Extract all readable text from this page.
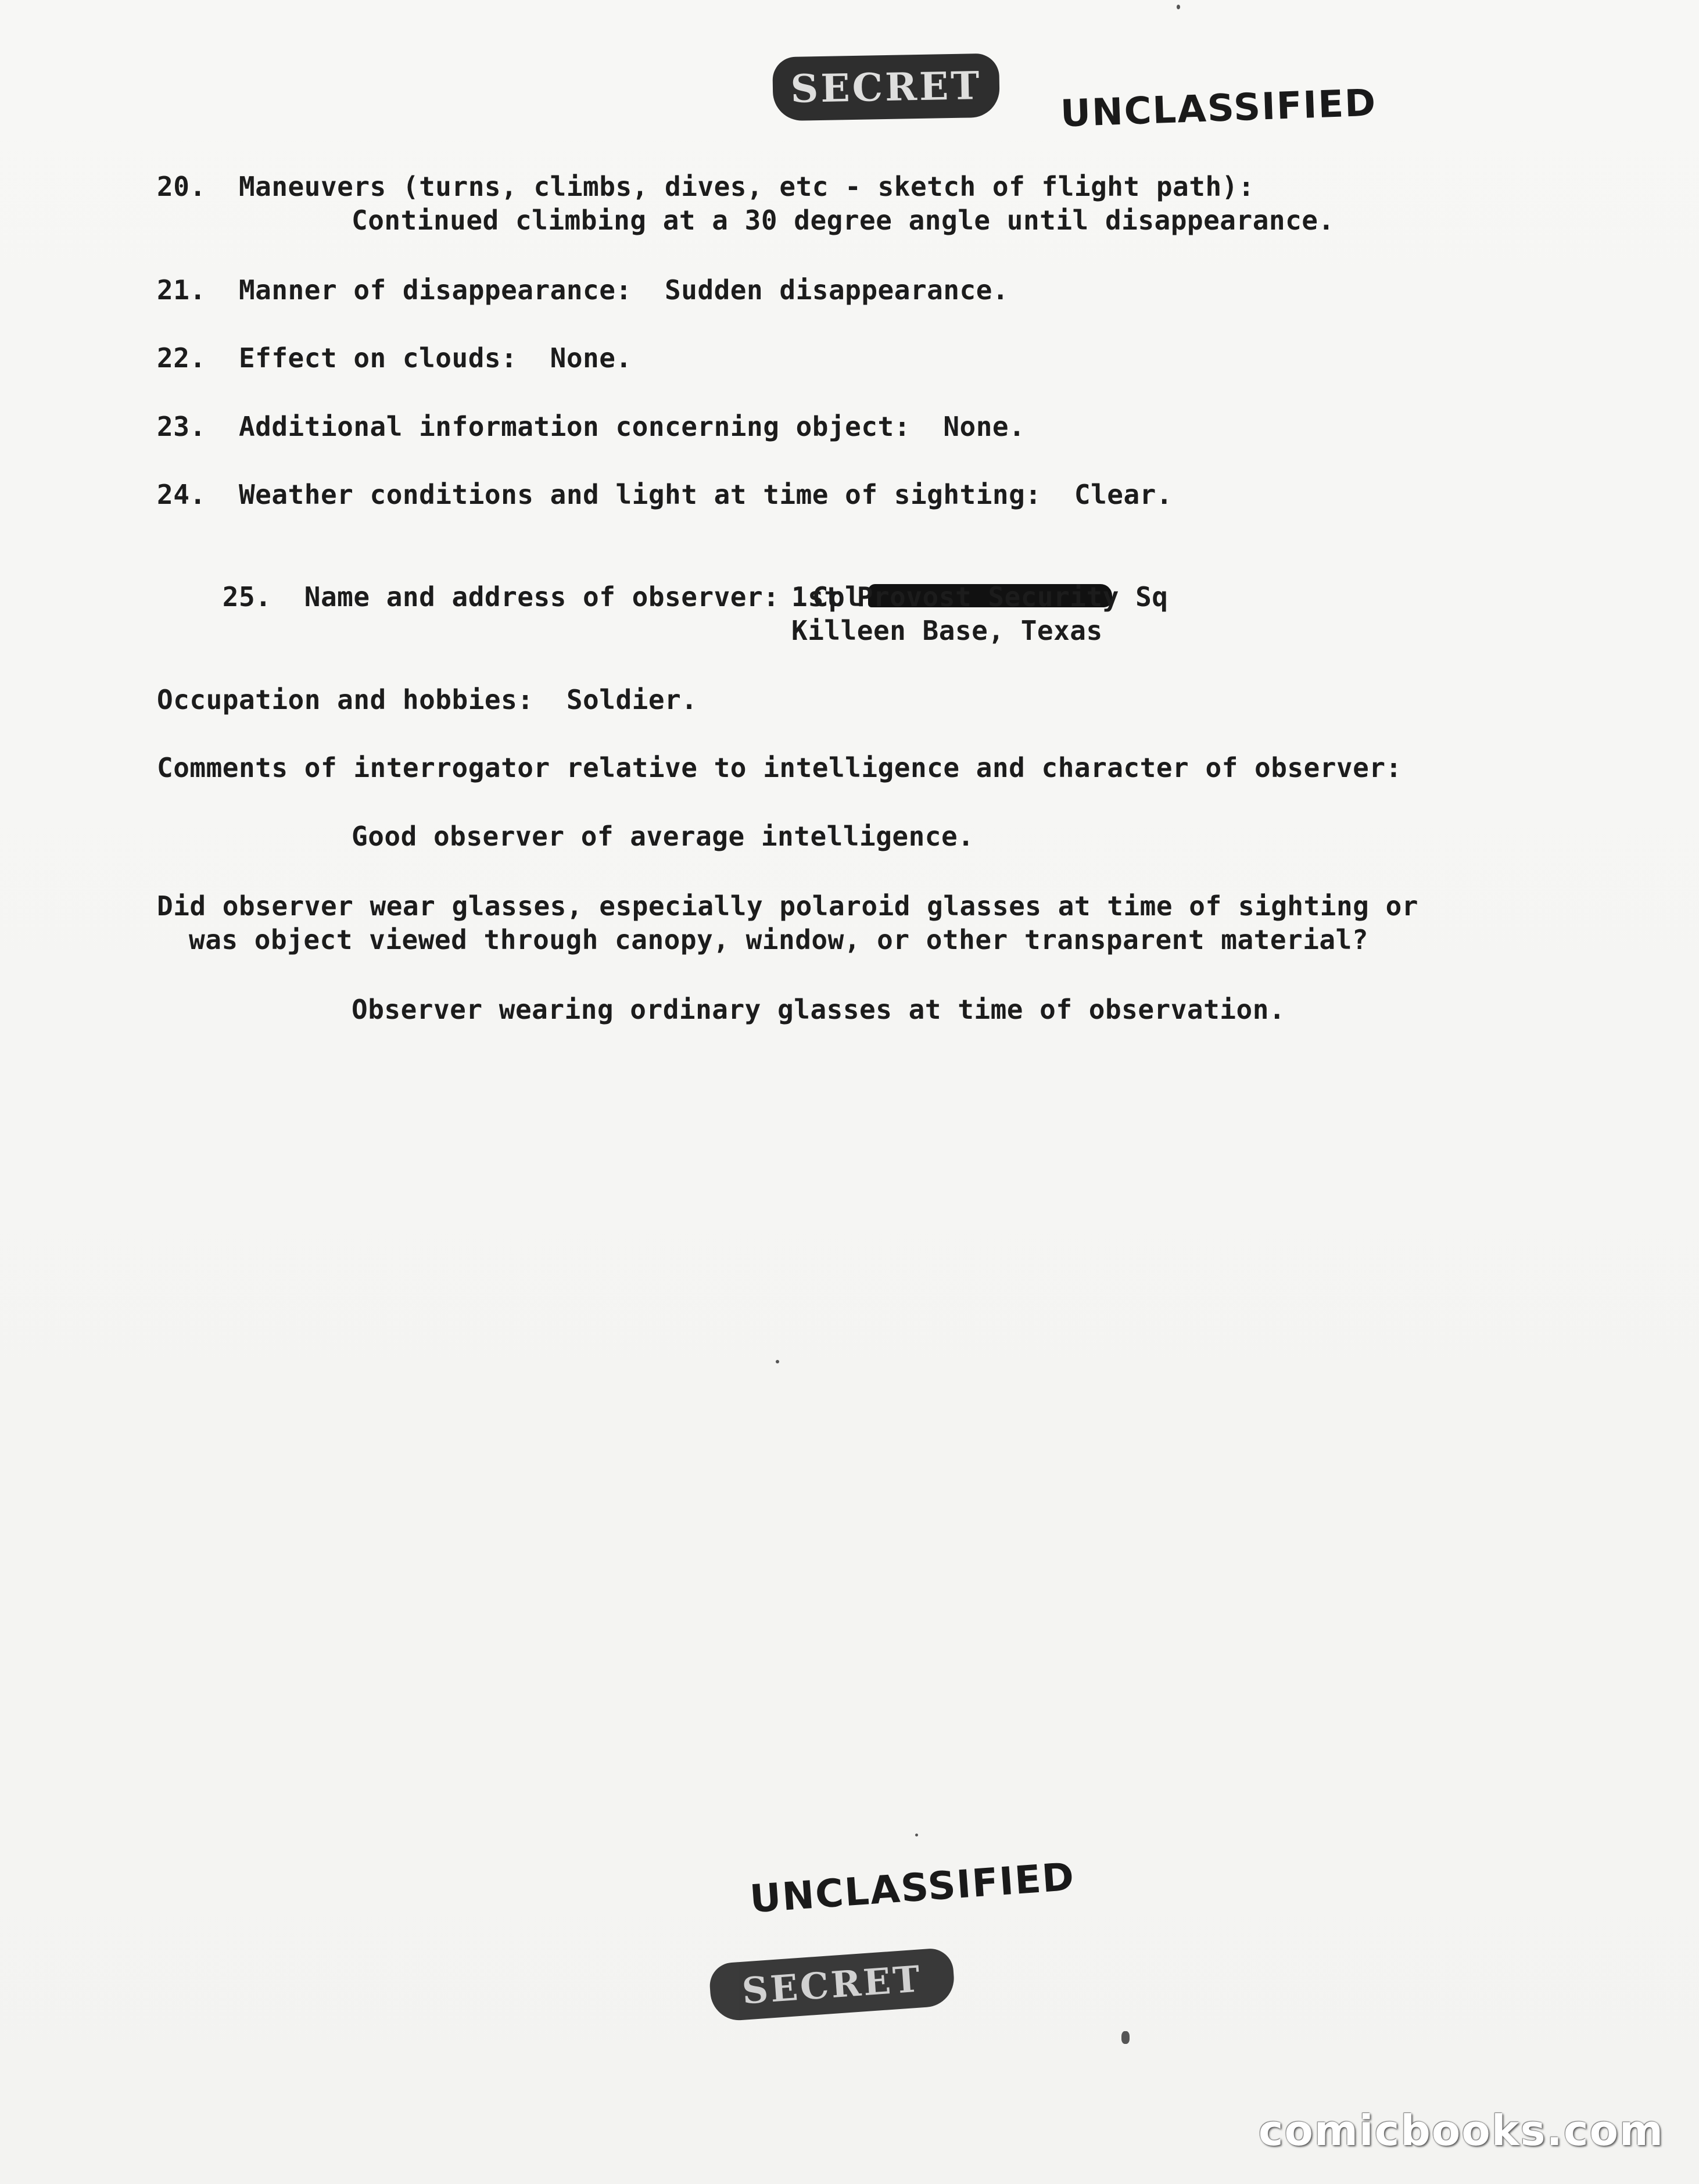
SECRET	UNCLASSIFIED
20.  Maneuvers (turns, climbs, dives, etc - sketch of flight path):
Continued climbing at a 30 degree angle until disappearance.
21.  Manner of disappearance:  Sudden disappearance.
22.  Effect on clouds:  None.
23.  Additional information concerning object:  None.
24.  Weather conditions and light at time of sighting:  Clear.

25.  Name and address of observer:  Cpl

1st Provost Security Sq
Killeen Base, Texas
Occupation and hobbies:  Soldier.
Comments of interrogator relative to intelligence and character of observer:
Good observer of average intelligence.
Did observer wear glasses, especially polaroid glasses at time of sighting or
was object viewed through canopy, window, or other transparent material?
Observer wearing ordinary glasses at time of observation.
UNCLASSIFIED
SECRET
comicbooks.com
